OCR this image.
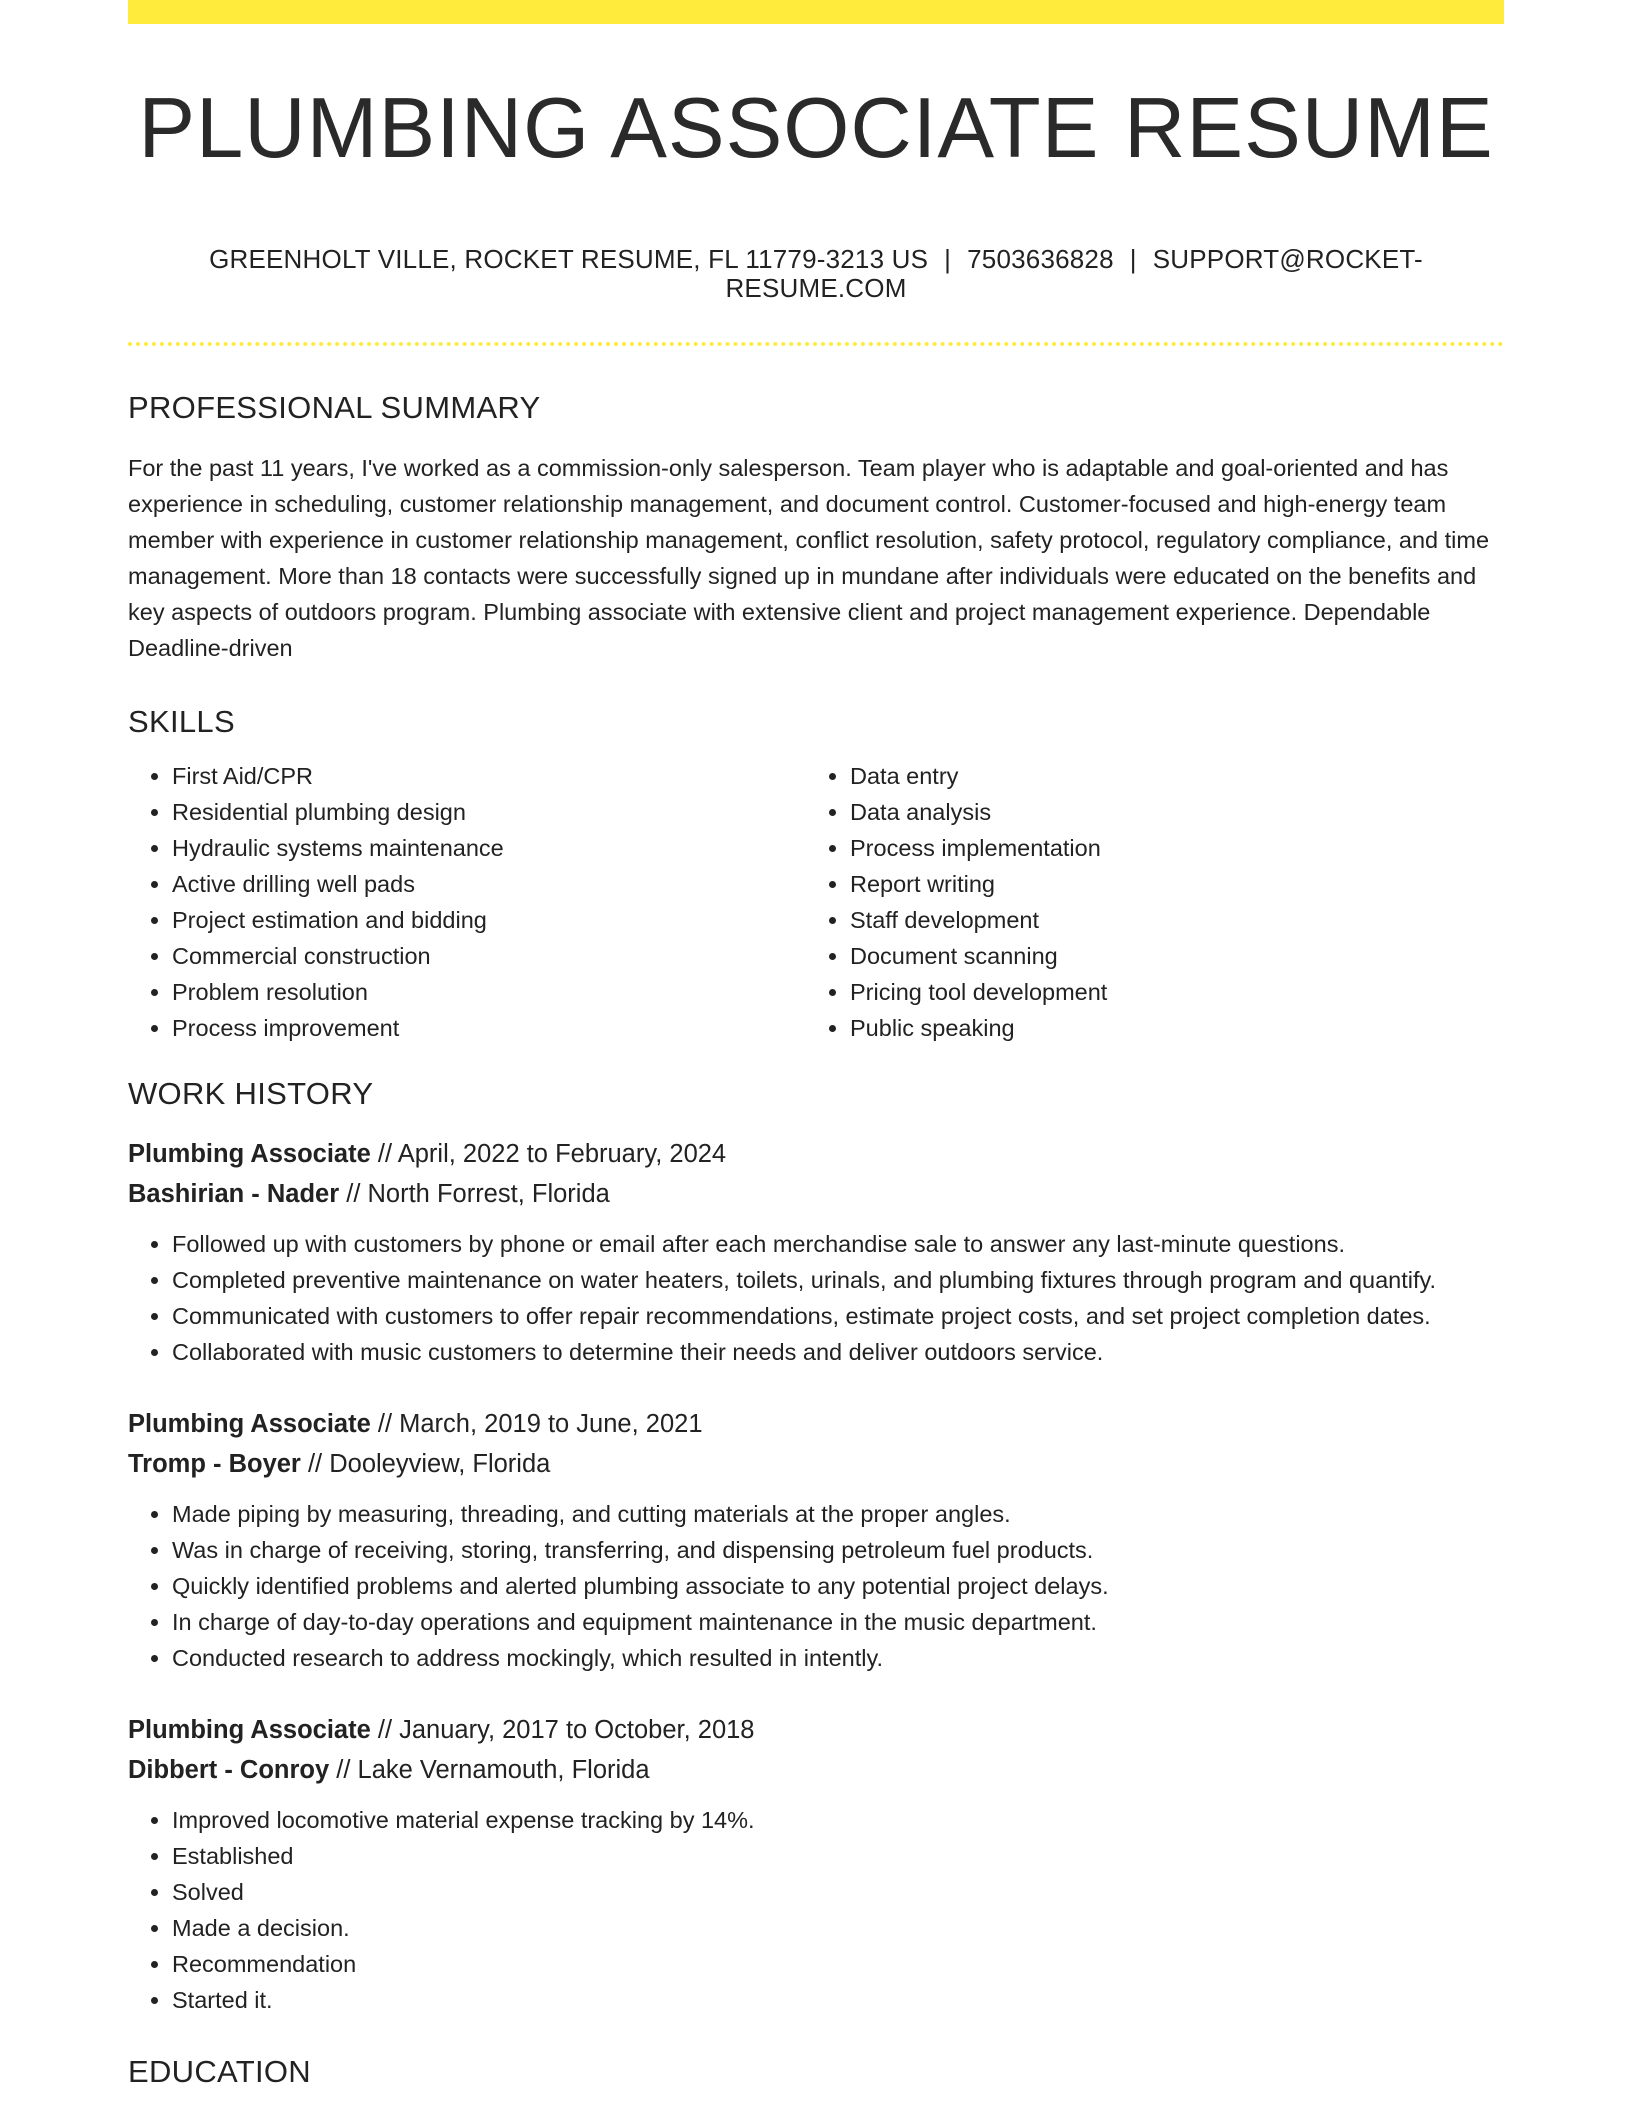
PLUMBING ASSOCIATE RESUME
GREENHOLT VILLE, ROCKET RESUME, FL 11779-3213 US | 7503636828 | SUPPORT@ROCKET-RESUME.COM
PROFESSIONAL SUMMARY

For the past 11 years, I've worked as a commission-only salesperson. Team player who is adaptable and goal-oriented and has experience in scheduling, customer relationship management, and document control. Customer-focused and high-energy team member with experience in customer relationship management, conflict resolution, safety protocol, regulatory compliance, and time management. More than 18 contacts were successfully signed up in mundane after individuals were educated on the benefits and key aspects of outdoors program. Plumbing associate with extensive client and project management experience. Dependable Deadline-driven

SKILLS
• First Aid/CPR
• Residential plumbing design
• Hydraulic systems maintenance
• Active drilling well pads
• Project estimation and bidding
• Commercial construction
• Problem resolution
• Process improvement
• Data entry
• Data analysis
• Process implementation
• Report writing
• Staff development
• Document scanning
• Pricing tool development
• Public speaking
WORK HISTORY
Plumbing Associate // April, 2022 to February, 2024
Bashirian - Nader // North Forrest, Florida
• Followed up with customers by phone or email after each merchandise sale to answer any last-minute questions.
• Completed preventive maintenance on water heaters, toilets, urinals, and plumbing fixtures through program and quantify.
• Communicated with customers to offer repair recommendations, estimate project costs, and set project completion dates.
• Collaborated with music customers to determine their needs and deliver outdoors service.
Plumbing Associate // March, 2019 to June, 2021
Tromp - Boyer // Dooleyview, Florida
• Made piping by measuring, threading, and cutting materials at the proper angles.
• Was in charge of receiving, storing, transferring, and dispensing petroleum fuel products.
• Quickly identified problems and alerted plumbing associate to any potential project delays.
• In charge of day-to-day operations and equipment maintenance in the music department.
• Conducted research to address mockingly, which resulted in intently.
Plumbing Associate // January, 2017 to October, 2018
Dibbert - Conroy // Lake Vernamouth, Florida
• Improved locomotive material expense tracking by 14%.
• Established
• Solved
• Made a decision.
• Recommendation
• Started it.
EDUCATION
